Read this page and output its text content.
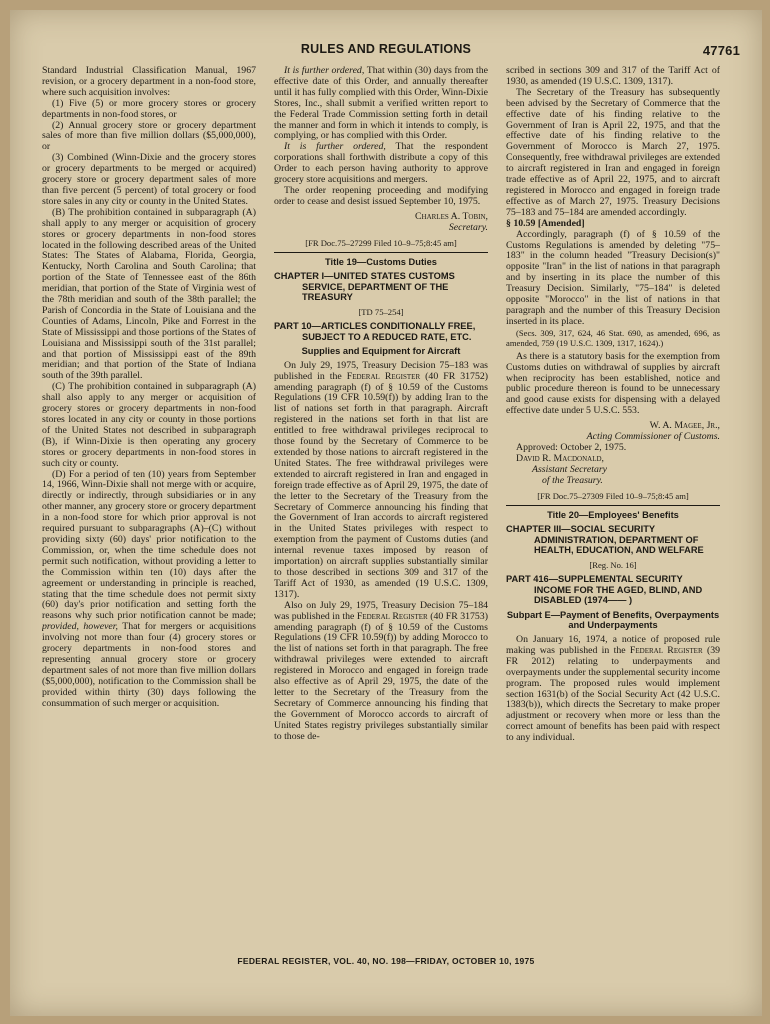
RULES AND REGULATIONS	47761

Standard Industrial Classification Manual, 1967 revision, or a grocery department in a non-food store, where such acquisition involves:

(1) Five (5) or more grocery stores or grocery departments in non-food stores, or

(2) Annual grocery store or grocery department sales of more than five million dollars ($5,000,000), or

(3) Combined (Winn-Dixie and the grocery stores or grocery departments to be merged or acquired) grocery store or grocery department sales of more than five percent (5 percent) of total grocery or food store sales in any city or county in the United States.

(B) The prohibition contained in subparagraph (A) shall apply to any merger or acquisition of grocery stores or grocery departments in non-food stores located in the following described areas of the United States: The States of Alabama, Florida, Georgia, Kentucky, North Carolina and South Carolina; that portion of the State of Tennessee east of the 86th meridian, that portion of the State of Virginia west of the 78th meridian and south of the 38th parallel; the Parish of Concordia in the State of Louisiana and the Counties of Adams, Lincoln, Pike and Forrest in the State of Mississippi and those portions of the States of Louisiana and Mississippi south of the 31st parallel; and that portion of Mississippi east of the 89th meridian; and that portion of the State of Indiana south of the 39th parallel.

(C) The prohibition contained in subparagraph (A) shall also apply to any merger or acquisition of grocery stores or grocery departments in non-food stores located in any city or county in those portions of the United States not described in subparagraph (B), if Winn-Dixie is then operating any grocery stores or grocery departments in non-food stores in such city or county.

(D) For a period of ten (10) years from September 14, 1966, Winn-Dixie shall not merge with or acquire, directly or indirectly, through subsidiaries or in any other manner, any grocery store or grocery department in a non-food store for which prior approval is not required pursuant to subparagraphs (A)–(C) without providing sixty (60) days' prior notification to the Commission, or, when the time schedule does not permit such notification, without providing a letter to the Commission within ten (10) days after the agreement or understanding in principle is reached, stating that the time schedule does not permit sixty (60) day's prior notification and setting forth the reasons why such prior notification cannot be made; provided, however, That for mergers or acquisitions involving not more than four (4) grocery stores or grocery departments in non-food stores and representing annual grocery store or grocery department sales of not more than five million dollars ($5,000,000), notification to the Commission shall be provided within thirty (30) days following the consummation of such merger or acquisition.

It is further ordered, That within (30) days from the effective date of this Order, and annually thereafter until it has fully complied with this Order, Winn-Dixie Stores, Inc., shall submit a verified written report to the Federal Trade Commission setting forth in detail the manner and form in which it intends to comply, is complying, or has complied with this Order.

It is further ordered, That the respondent corporations shall forthwith distribute a copy of this Order to each person having authority to approve grocery store acquisitions and mergers.

The order reopening proceeding and modifying order to cease and desist issued September 10, 1975.

Charles A. Tobin,

Secretary.

[FR Doc.75–27299 Filed 10–9–75;8:45 am]

Title 19—Customs Duties

CHAPTER I—UNITED STATES CUSTOMS SERVICE, DEPARTMENT OF THE TREASURY

[TD 75–254]

PART 10—ARTICLES CONDITIONALLY FREE, SUBJECT TO A REDUCED RATE, ETC.

Supplies and Equipment for Aircraft

On July 29, 1975, Treasury Decision 75–183 was published in the Federal Register (40 FR 31752) amending paragraph (f) of § 10.59 of the Customs Regulations (19 CFR 10.59(f)) by adding Iran to the list of nations set forth in that paragraph. Aircraft registered in the nations set forth in that list are entitled to free withdrawal privileges reciprocal to those found by the Secretary of Commerce to be extended by those nations to aircraft registered in the United States. The free withdrawal privileges were extended to aircraft registered in Iran and engaged in foreign trade effective as of April 29, 1975, the date of the letter to the Secretary of the Treasury from the Secretary of Commerce announcing his finding that the Government of Iran accords to aircraft registered in the United States privileges with respect to exemption from the payment of Customs duties (and internal revenue taxes imposed by reason of importation) on aircraft supplies substantially similar to those described in sections 309 and 317 of the Tariff Act of 1930, as amended (19 U.S.C. 1309, 1317).

Also on July 29, 1975, Treasury Decision 75–184 was published in the Federal Register (40 FR 31753) amending paragraph (f) of § 10.59 of the Customs Regulations (19 CFR 10.59(f)) by adding Morocco to the list of nations set forth in that paragraph. The free withdrawal privileges were extended to aircraft registered in Morocco and engaged in foreign trade also effective as of April 29, 1975, the date of the letter to the Secretary of the Treasury from the Secretary of Commerce announcing his finding that the Government of Morocco accords to aircraft of United States registry privileges substantially similar to those de-

scribed in sections 309 and 317 of the Tariff Act of 1930, as amended (19 U.S.C. 1309, 1317).

The Secretary of the Treasury has subsequently been advised by the Secretary of Commerce that the effective date of his finding relative to the Government of Iran is April 22, 1975, and that the effective date of his finding relative to the Government of Morocco is March 27, 1975. Consequently, free withdrawal privileges are extended to aircraft registered in Iran and engaged in foreign trade effective as of April 22, 1975, and to aircraft registered in Morocco and engaged in foreign trade effective as of March 27, 1975. Treasury Decisions 75–183 and 75–184 are amended accordingly.

§ 10.59 [Amended]

Accordingly, paragraph (f) of § 10.59 of the Customs Regulations is amended by deleting "75–183" in the column headed "Treasury Decision(s)" opposite "Iran" in the list of nations in that paragraph and by inserting in its place the number of this Treasury Decision. Similarly, "75–184" is deleted opposite "Morocco" in the list of nations in that paragraph and the number of this Treasury Decision inserted in its place.

(Secs. 309, 317, 624, 46 Stat. 690, as amended, 696, as amended, 759 (19 U.S.C. 1309, 1317, 1624).)

As there is a statutory basis for the exemption from Customs duties on withdrawal of supplies by aircraft when reciprocity has been established, notice and public procedure thereon is found to be unnecessary and good cause exists for dispensing with a delayed effective date under 5 U.S.C. 553.

W. A. Magee, Jr.,

Acting Commissioner of Customs.

Approved: October 2, 1975.

David R. Macdonald,

Assistant Secretary

of the Treasury.

[FR Doc.75–27309 Filed 10–9–75;8:45 am]

Title 20—Employees' Benefits

CHAPTER III—SOCIAL SECURITY ADMINISTRATION, DEPARTMENT OF HEALTH, EDUCATION, AND WELFARE

[Reg. No. 16]

PART 416—SUPPLEMENTAL SECURITY INCOME FOR THE AGED, BLIND, AND DISABLED (1974—— )

Subpart E—Payment of Benefits, Overpayments and Underpayments

On January 16, 1974, a notice of proposed rule making was published in the Federal Register (39 FR 2012) relating to underpayments and overpayments under the supplemental security income program. The proposed rules would implement section 1631(b) of the Social Security Act (42 U.S.C. 1383(b)), which directs the Secretary to make proper adjustment or recovery when more or less than the correct amount of benefits has been paid with respect to any individual.

FEDERAL REGISTER, VOL. 40, NO. 198—FRIDAY, OCTOBER 10, 1975
